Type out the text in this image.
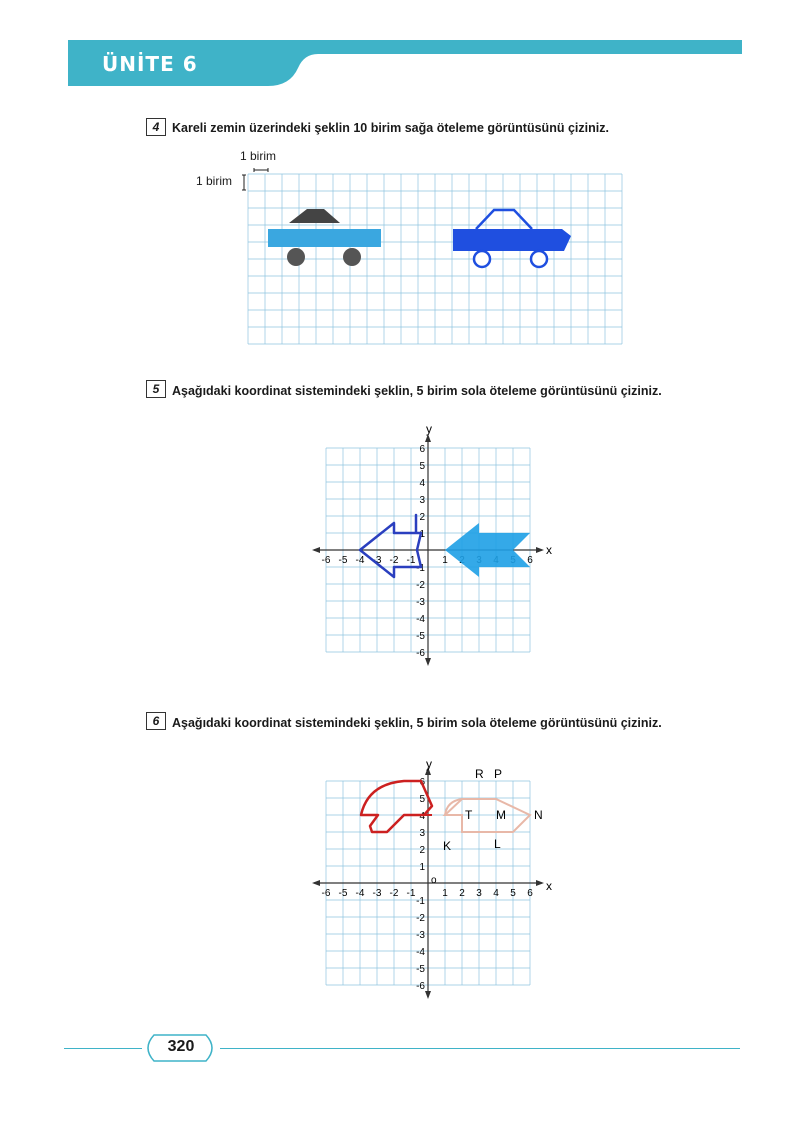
ÜNİTE 6
4	Kareli zemin üzerindeki şeklin 10 birim sağa öteleme görüntüsünü çiziniz.
1 birim
1 birim
5	Aşağıdaki koordinat sistemindeki şeklin, 5 birim sola öteleme görüntüsünü çiziniz.
-6 -5 -4 -3 -2 -1	1	6
6
5
4
3
2
1
-1
-2
-3
-4
-5
-6
x
y
6	Aşağıdaki koordinat sistemindeki şeklin, 5 birim sola öteleme görüntüsünü çiziniz.
-6 -5 -4 -3 -2 -1	1 2 3 4 5 6
6
5
4
3
2
1
-1
-2
-3
-4
-5
-6
x
y
o
R P
T M N
K	L
320
